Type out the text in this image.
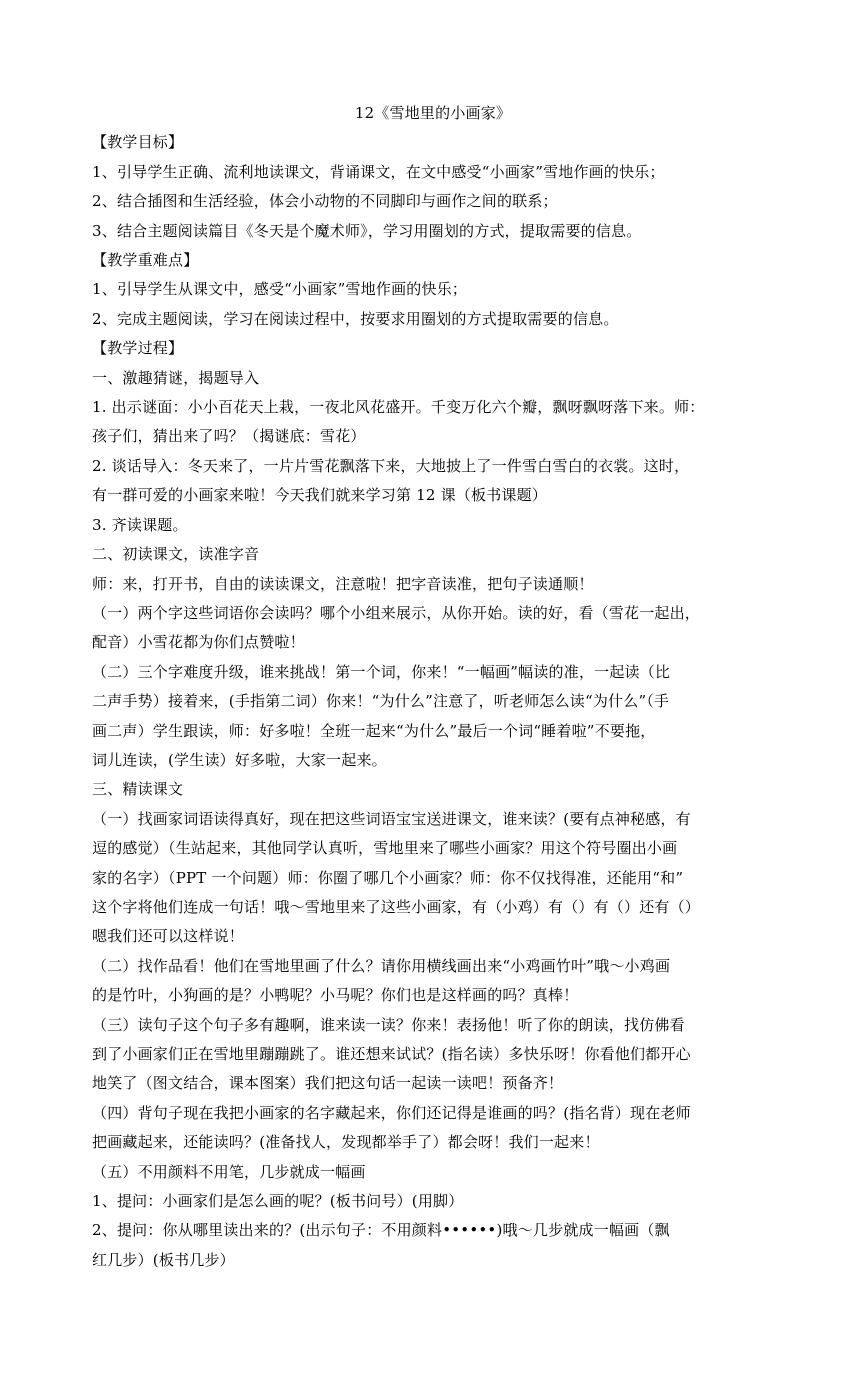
12《雪地里的小画家》

【教学目标】

1、引导学生正确、流利地读课文，背诵课文，在文中感受“小画家”雪地作画的快乐；

2、结合插图和生活经验，体会小动物的不同脚印与画作之间的联系；

3、结合主题阅读篇目《冬天是个魔术师》，学习用圈划的方式，提取需要的信息。

【教学重难点】

1、引导学生从课文中，感受“小画家”雪地作画的快乐；

2、完成主题阅读，学习在阅读过程中，按要求用圈划的方式提取需要的信息。

【教学过程】

一、激趣猜谜，揭题导入

1. 出示谜面：小小百花天上栽，一夜北风花盛开。千变万化六个瓣，飘呀飘呀落下来。师：

孩子们，猜出来了吗？（揭谜底：雪花）

2. 谈话导入：冬天来了，一片片雪花飘落下来，大地披上了一件雪白雪白的衣裳。这时，

有一群可爱的小画家来啦！今天我们就来学习第 12 课（板书课题）

3. 齐读课题。

二、初读课文，读准字音

师：来，打开书，自由的读读课文，注意啦！把字音读准，把句子读通顺！

（一）两个字这些词语你会读吗？哪个小组来展示，从你开始。读的好，看（雪花一起出，

配音）小雪花都为你们点赞啦！

（二）三个字难度升级，谁来挑战！第一个词，你来！“一幅画”幅读的准，一起读（比

二声手势）接着来，(手指第二词）你来！“为什么”注意了，听老师怎么读“为什么”（手

画二声）学生跟读，师：好多啦！全班一起来“为什么”最后一个词“睡着啦”不要拖，

词儿连读，(学生读）好多啦，大家一起来。

三、精读课文

（一）找画家词语读得真好，现在把这些词语宝宝送进课文，谁来读？(要有点神秘感，有

逗的感觉）（生站起来，其他同学认真听，雪地里来了哪些小画家？用这个符号圈出小画

家的名字）（PPT 一个问题）师：你圈了哪几个小画家？师：你不仅找得准，还能用“和”

这个字将他们连成一句话！哦～雪地里来了这些小画家，有（小鸡）有（）有（）还有（）

嗯我们还可以这样说！

（二）找作品看！他们在雪地里画了什么？请你用横线画出来“小鸡画竹叶”哦～小鸡画

的是竹叶，小狗画的是？小鸭呢？小马呢？你们也是这样画的吗？真棒！

（三）读句子这个句子多有趣啊，谁来读一读？你来！表扬他！听了你的朗读，找仿佛看

到了小画家们正在雪地里蹦蹦跳了。谁还想来试试？(指名读）多快乐呀！你看他们都开心

地笑了（图文结合，课本图案）我们把这句话一起读一读吧！预备齐！

（四）背句子现在我把小画家的名字藏起来，你们还记得是谁画的吗？(指名背）现在老师

把画藏起来，还能读吗？(准备找人，发现都举手了）都会呀！我们一起来！

（五）不用颜料不用笔，几步就成一幅画

1、提问：小画家们是怎么画的呢？(板书问号）(用脚）

2、提问：你从哪里读出来的？(出示句子：不用颜料••••••)哦～几步就成一幅画（飘

红几步）(板书几步）
